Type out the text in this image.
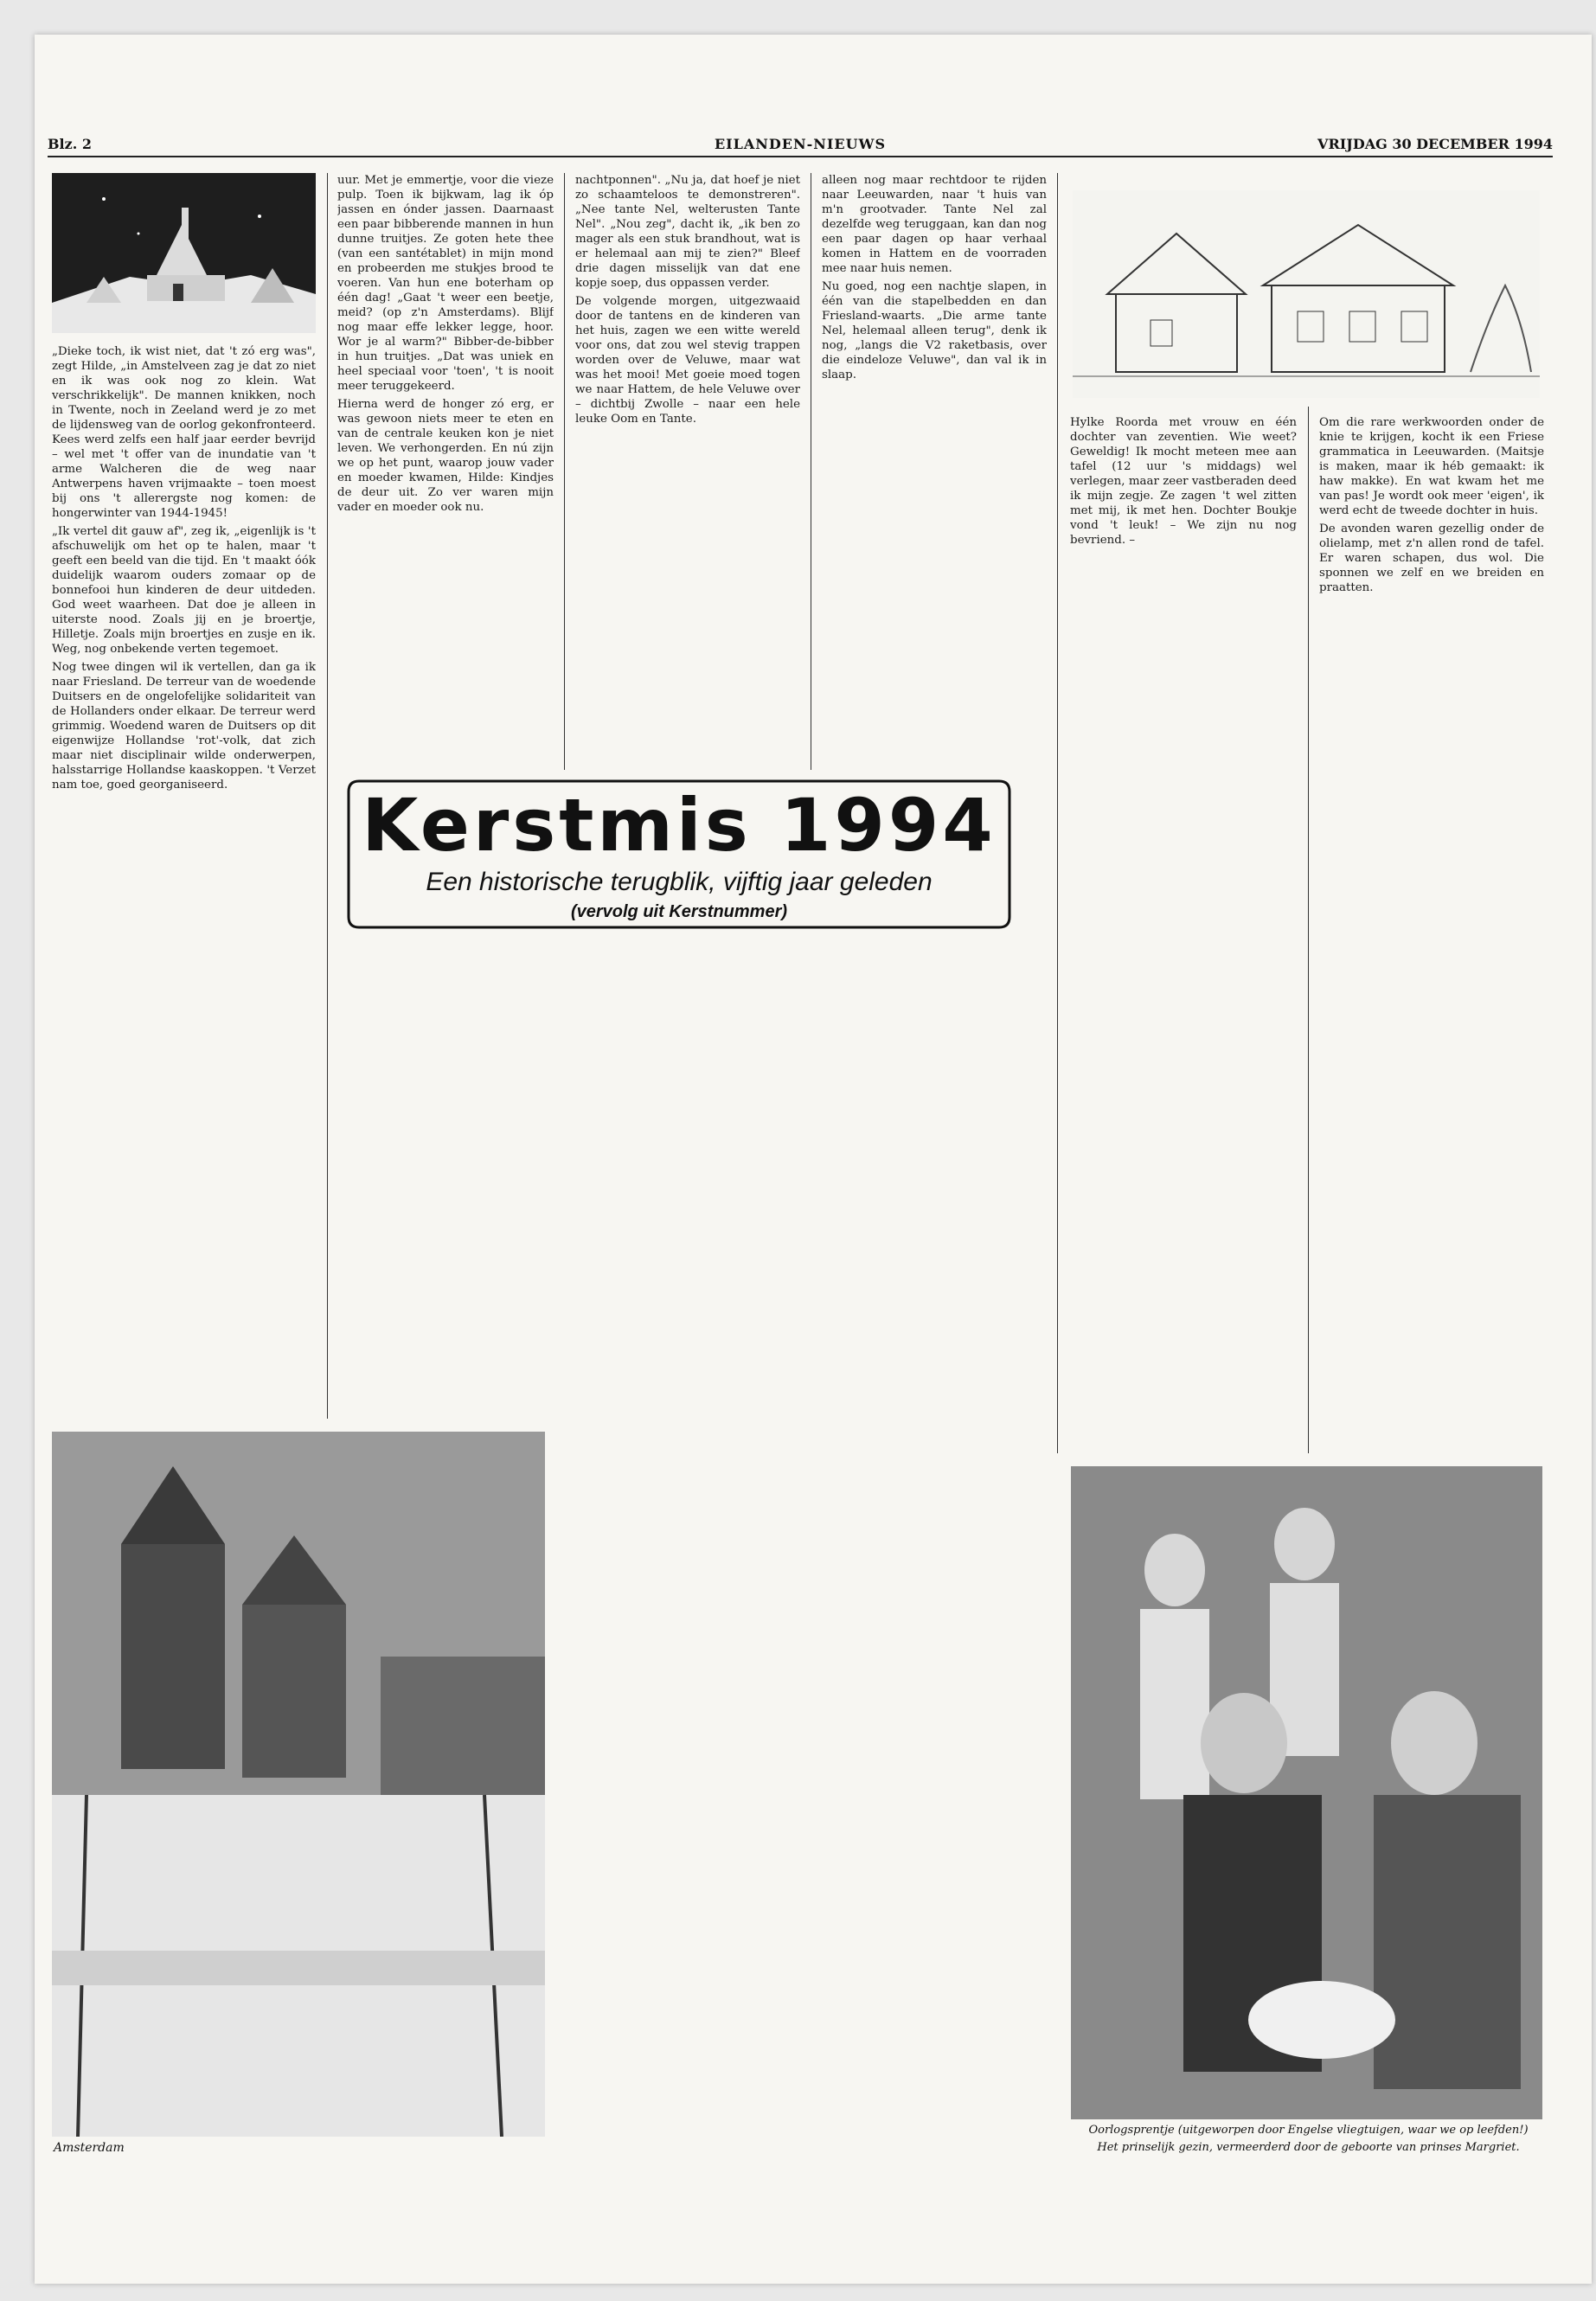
Blz. 2	EILANDEN-NIEUWS	VRIJDAG 30 DECEMBER 1994

„Dieke toch, ik wist niet, dat 't zó erg was", zegt Hilde, „in Amstelveen zag je dat zo niet en ik was ook nog zo klein. Wat verschrikkelijk". De mannen knikken, noch in Twente, noch in Zeeland werd je zo met de lijdensweg van de oorlog gekonfronteerd. Kees werd zelfs een half jaar eerder bevrijd – wel met 't offer van de inundatie van 't arme Walcheren die de weg naar Antwerpens haven vrijmaakte – toen moest bij ons 't allerergste nog komen: de hongerwinter van 1944-1945!

„Ik vertel dit gauw af", zeg ik, „eigenlijk is 't afschuwelijk om het op te halen, maar 't geeft een beeld van die tijd. En 't maakt óók duidelijk waarom ouders zomaar op de bonnefooi hun kinderen de deur uitdeden. God weet waarheen. Dat doe je alleen in uiterste nood. Zoals jij en je broertje, Hilletje. Zoals mijn broertjes en zusje en ik. Weg, nog onbekende verten tegemoet.

Nog twee dingen wil ik vertellen, dan ga ik naar Friesland. De terreur van de woedende Duitsers en de ongelofelijke solidariteit van de Hollanders onder elkaar. De terreur werd grimmig. Woedend waren de Duitsers op dit eigenwijze Hollandse 'rot'-volk, dat zich maar niet disciplinair wilde onderwerpen, halsstarrige Hollandse kaaskoppen. 't Verzet nam toe, goed georganiseerd.

uur. Met je emmertje, voor die vieze pulp. Toen ik bijkwam, lag ik óp jassen en ónder jassen. Daarnaast een paar bibberende mannen in hun dunne truitjes. Ze goten hete thee (van een santétablet) in mijn mond en probeerden me stukjes brood te voeren. Van hun ene boterham op één dag! „Gaat 't weer een beetje, meid? (op z'n Amsterdams). Blijf nog maar effe lekker legge, hoor. Wor je al warm?" Bibber-de-bibber in hun truitjes. „Dat was uniek en heel speciaal voor 'toen', 't is nooit meer teruggekeerd.

Hierna werd de honger zó erg, er was gewoon niets meer te eten en van de centrale keuken kon je niet leven. We verhongerden. En nú zijn we op het punt, waarop jouw vader en moeder kwamen, Hilde: Kindjes de deur uit. Zo ver waren mijn vader en moeder ook nu.

nachtponnen". „Nu ja, dat hoef je niet zo schaamteloos te demonstreren". „Nee tante Nel, welterusten Tante Nel". „Nou zeg", dacht ik, „ik ben zo mager als een stuk brandhout, wat is er helemaal aan mij te zien?" Bleef drie dagen misselijk van dat ene kopje soep, dus oppassen verder.

De volgende morgen, uitgezwaaid door de tantens en de kinderen van het huis, zagen we een witte wereld voor ons, dat zou wel stevig trappen worden over de Veluwe, maar wat was het mooi! Met goeie moed togen we naar Hattem, de hele Veluwe over – dichtbij Zwolle – naar een hele leuke Oom en Tante.

alleen nog maar rechtdoor te rijden naar Leeuwarden, naar 't huis van m'n grootvader. Tante Nel zal dezelfde weg teruggaan, kan dan nog een paar dagen op haar verhaal komen in Hattem en de voorraden mee naar huis nemen.

Nu goed, nog een nachtje slapen, in één van die stapelbedden en dan Friesland-waarts. „Die arme tante Nel, helemaal alleen terug", denk ik nog, „langs die V2 raketbasis, over die eindeloze Veluwe", dan val ik in slaap.

Kerstmis 1994
Een historische terugblik, vijftig jaar geleden
(vervolg uit Kerstnummer)
Amsterdam

Om die rare werkwoorden onder de knie te krijgen, kocht ik een Friese grammatica in Leeuwarden. (Maitsje is maken, maar ik héb gemaakt: ik haw makke). En wat kwam het me van pas! Je wordt ook meer 'eigen', ik werd echt de tweede dochter in huis.

De avonden waren gezellig onder de olielamp, met z'n allen rond de tafel. Er waren schapen, dus wol. Die sponnen we zelf en we breiden en praatten.

Hylke Roorda met vrouw en één dochter van zeventien. Wie weet? Geweldig! Ik mocht meteen mee aan tafel (12 uur 's middags) wel verlegen, maar zeer vastberaden deed ik mijn zegje. Ze zagen 't wel zitten met mij, ik met hen. Dochter Boukje vond 't leuk! – We zijn nu nog bevriend. –

Oorlogsprentje (uitgeworpen door Engelse vliegtuigen, waar we op leefden!)
Het prinselijk gezin, vermeerderd door de geboorte van prinses Margriet.
